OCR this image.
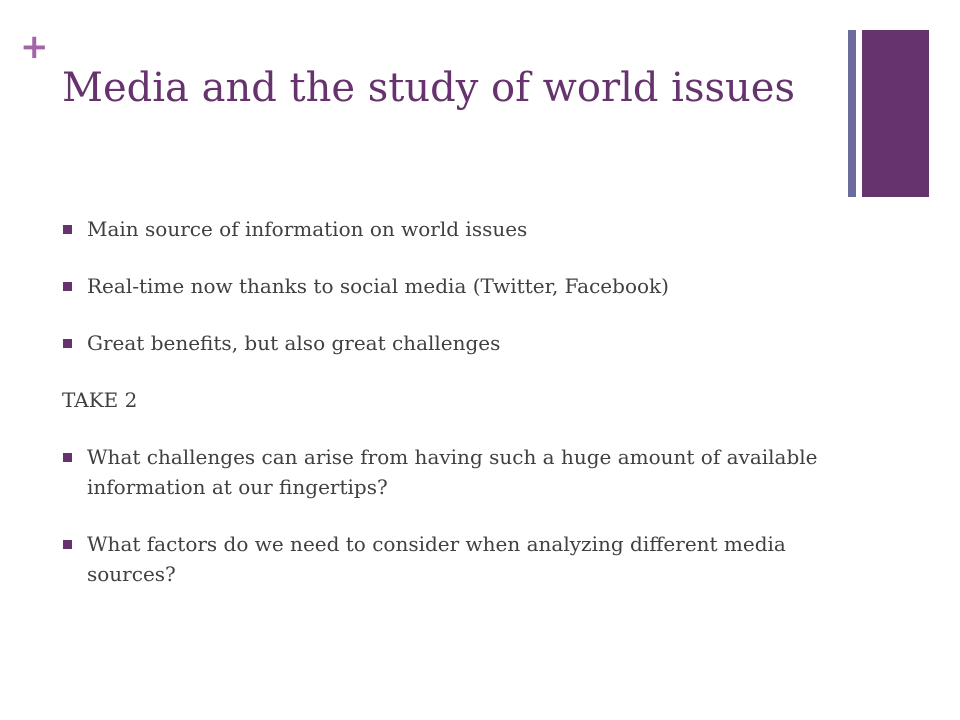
+
Media and the study of world issues
Main source of information on world issues
Real-time now thanks to social media (Twitter, Facebook)
Great benefits, but also great challenges
TAKE 2
What challenges can arise from having such a huge amount of available information at our fingertips?
What factors do we need to consider when analyzing different media sources?
